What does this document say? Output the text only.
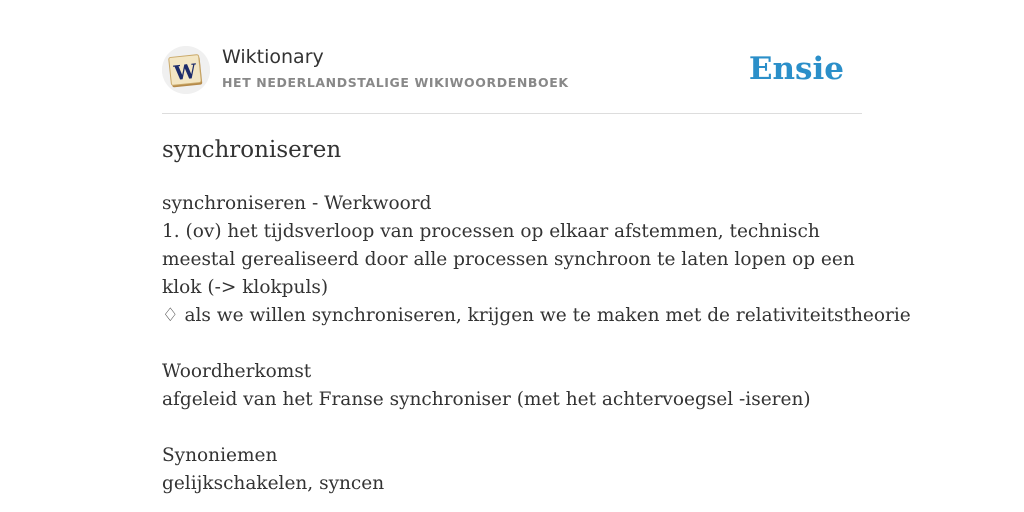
W
Wiktionary
HET NEDERLANDSTALIGE WIKIWOORDENBOEK	Ensie
synchroniseren
synchroniseren - Werkwoord
1. (ov) het tijdsverloop van processen op elkaar afstemmen, technisch meestal gerealiseerd door alle processen synchroon te laten lopen op een klok (-> klokpuls)
♢ als we willen synchroniseren, krijgen we te maken met de relativiteitstheorie
Woordherkomst
afgeleid van het Franse synchroniser (met het achtervoegsel -iseren)
Synoniemen
gelijkschakelen, syncen
